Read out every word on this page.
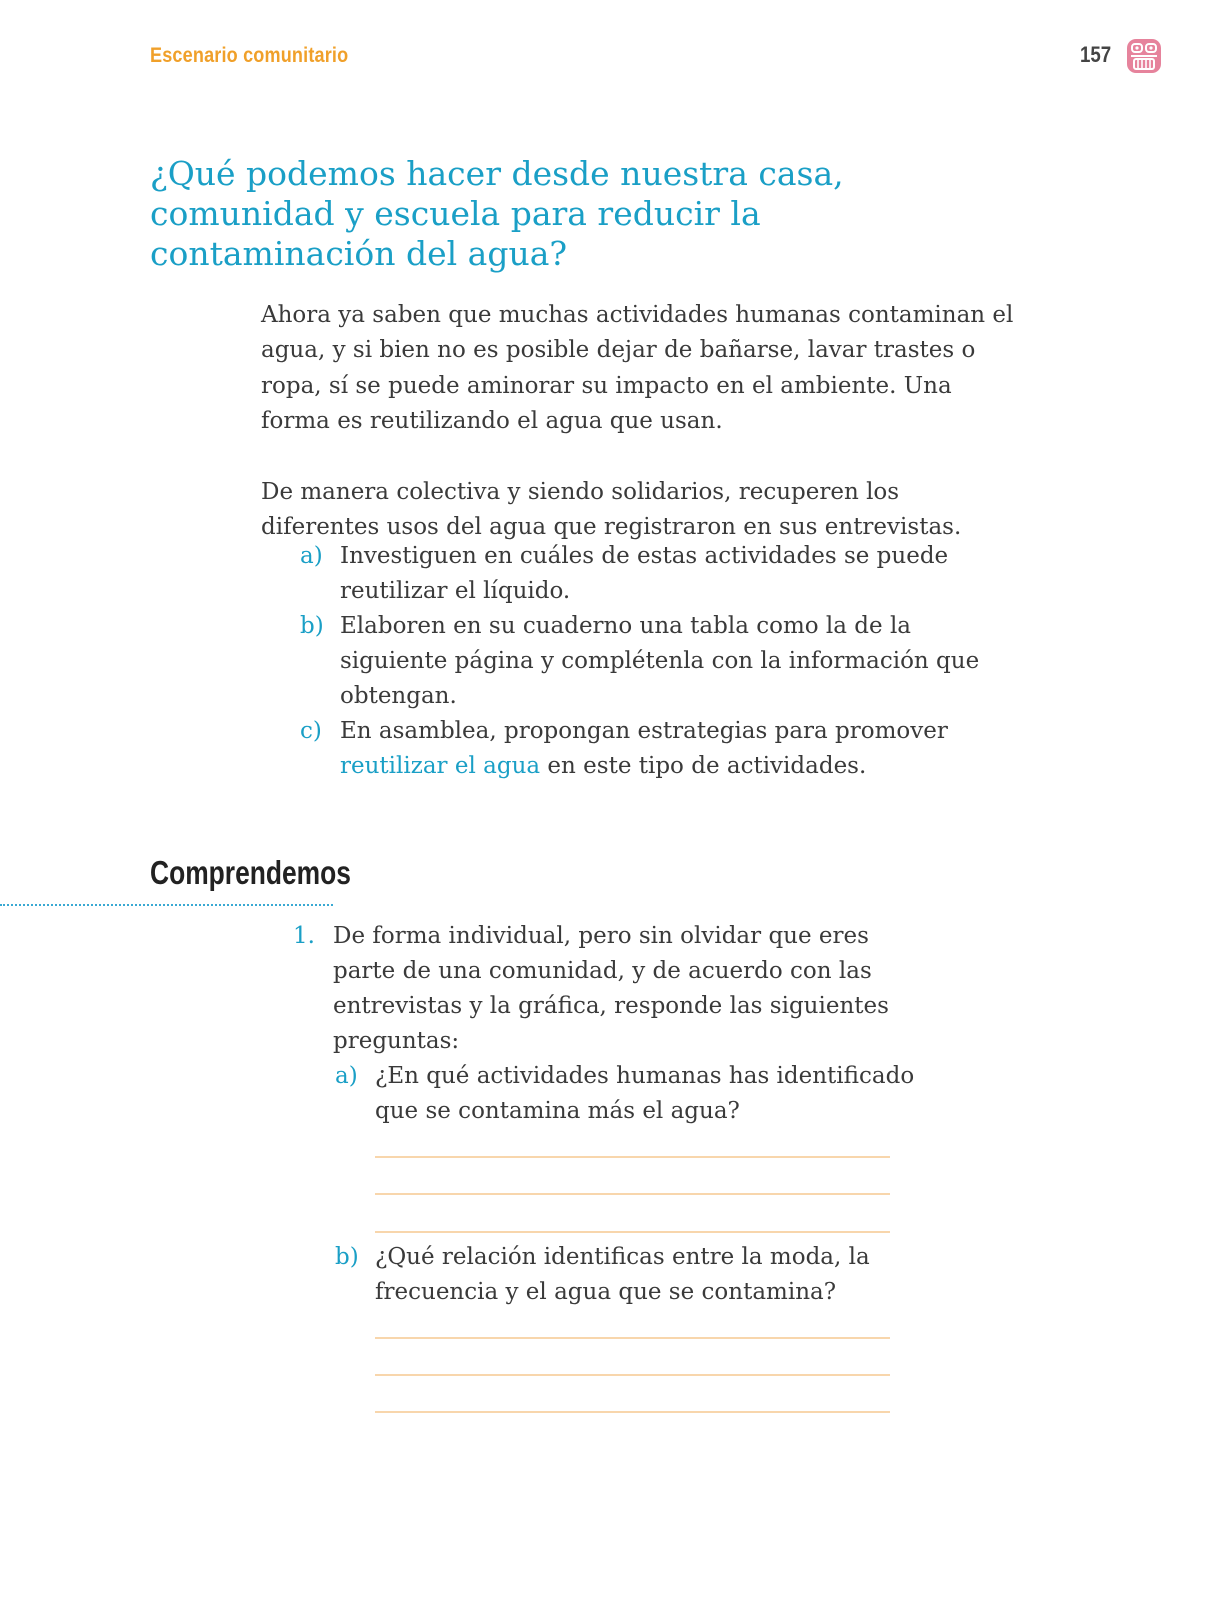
Escenario comunitario	157
¿Qué podemos hacer desde nuestra casa, comunidad y escuela para reducir la contaminación del agua?

Ahora ya saben que muchas actividades humanas contaminan el agua, y si bien no es posible dejar de bañarse, lavar trastes o ropa, sí se puede aminorar su impacto en el ambiente. Una forma es reutilizando el agua que usan.

De manera colectiva y siendo solidarios, recuperen los diferentes usos del agua que registraron en sus entrevistas.

a) Investiguen en cuáles de estas actividades se puede reutilizar el líquido.
b) Elaboren en su cuaderno una tabla como la de la siguiente página y complétenla con la información que obtengan.
c) En asamblea, propongan estrategias para promover reutilizar el agua en este tipo de actividades.
Comprendemos
1. De forma individual, pero sin olvidar que eres parte de una comunidad, y de acuerdo con las entrevistas y la gráfica, responde las siguientes preguntas:
a) ¿En qué actividades humanas has identificado que se contamina más el agua?
b) ¿Qué relación identificas entre la moda, la frecuencia y el agua que se contamina?
